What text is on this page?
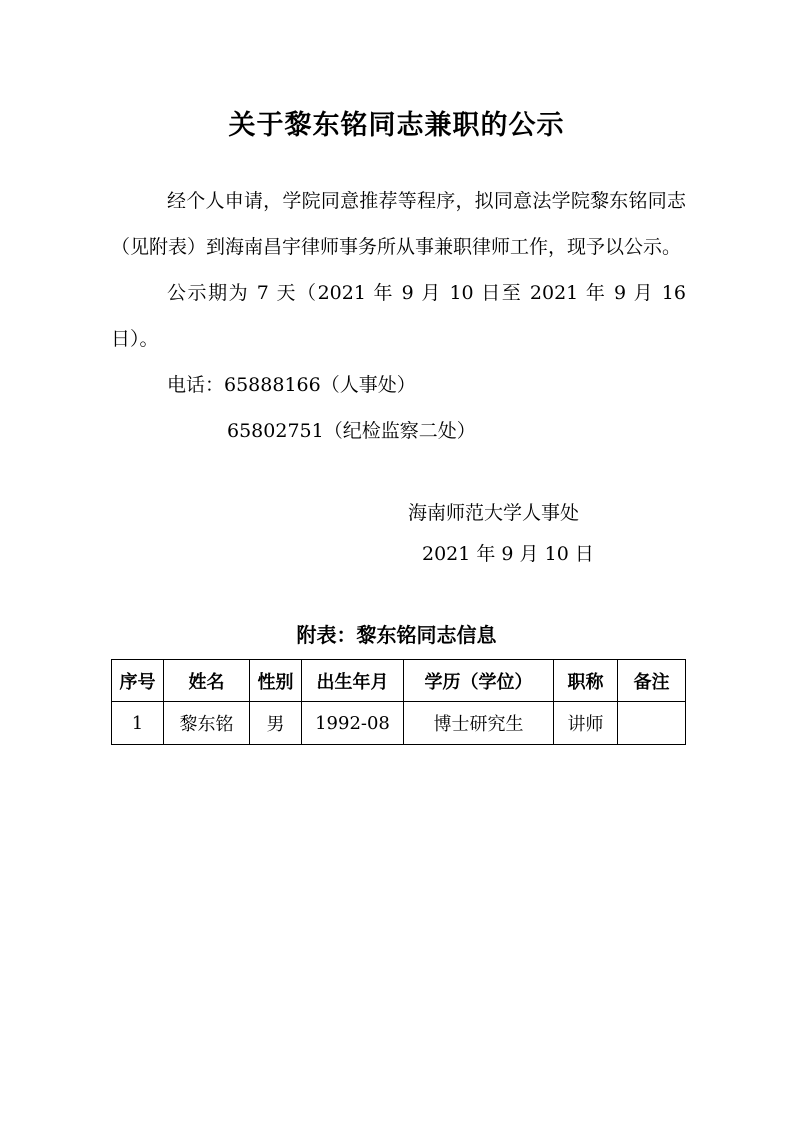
关于黎东铭同志兼职的公示

经个人申请，学院同意推荐等程序，拟同意法学院黎东铭同志（见附表）到海南昌宇律师事务所从事兼职律师工作，现予以公示。

公示期为 7 天（2021 年 9 月 10 日至 2021 年 9 月 16 日）。

电话：65888166（人事处）

65802751（纪检监察二处）

海南师范大学人事处
2021 年 9 月 10 日
附表：黎东铭同志信息
序号	姓名	性别	出生年月	学历（学位）	职称	备注
1	黎东铭	男	1992-08	博士研究生	讲师	
